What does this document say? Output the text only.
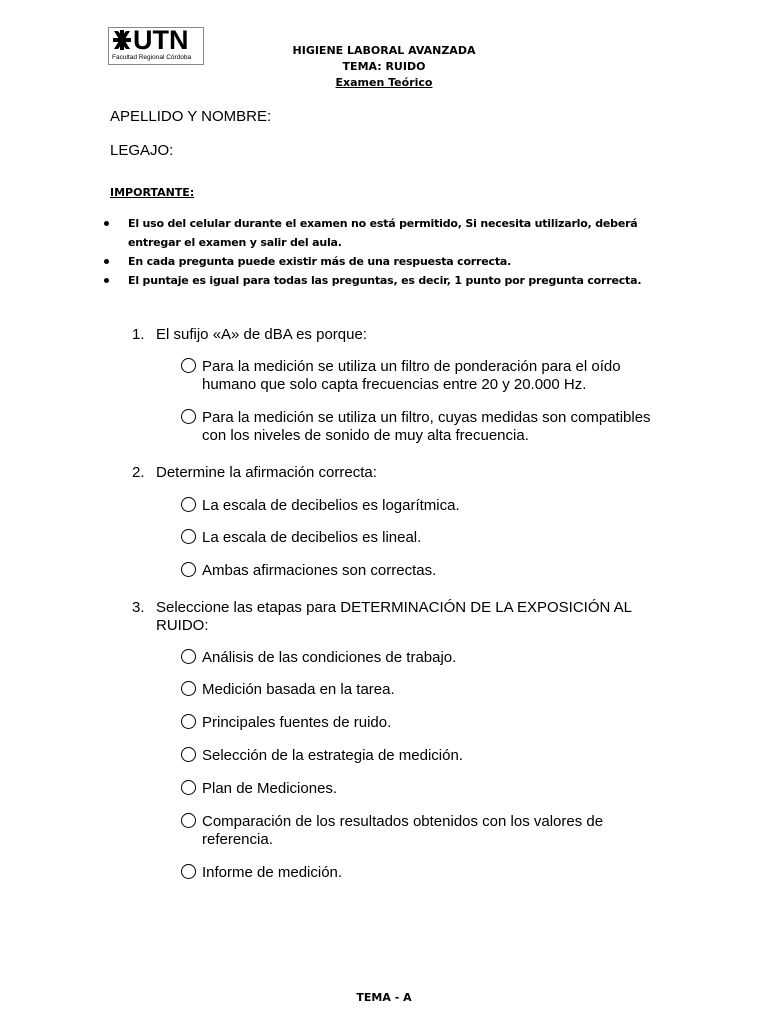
UTN
Facultad Regional Córdoba
HIGIENE LABORAL AVANZADA
TEMA: RUIDO
Examen Teórico
APELLIDO Y NOMBRE:
LEGAJO:
IMPORTANTE:
El uso del celular durante el examen no está permitido, Si necesita utilizarlo, deberá entregar el examen y salir del aula.
En cada pregunta puede existir más de una respuesta correcta.
El puntaje es igual para todas las preguntas, es decir, 1 punto por pregunta correcta.
1. El sufijo «A» de dBA es porque:
Para la medición se utiliza un filtro de ponderación para el oído humano que solo capta frecuencias entre 20 y 20.000 Hz.
Para la medición se utiliza un filtro, cuyas medidas son compatibles con los niveles de sonido de muy alta frecuencia.
2. Determine la afirmación correcta:
La escala de decibelios es logarítmica.
La escala de decibelios es lineal.
Ambas afirmaciones son correctas.
3. Seleccione las etapas para DETERMINACIÓN DE LA EXPOSICIÓN AL RUIDO:
Análisis de las condiciones de trabajo.
Medición basada en la tarea.
Principales fuentes de ruido.
Selección de la estrategia de medición.
Plan de Mediciones.
Comparación de los resultados obtenidos con los valores de referencia.
Informe de medición.
TEMA - A
